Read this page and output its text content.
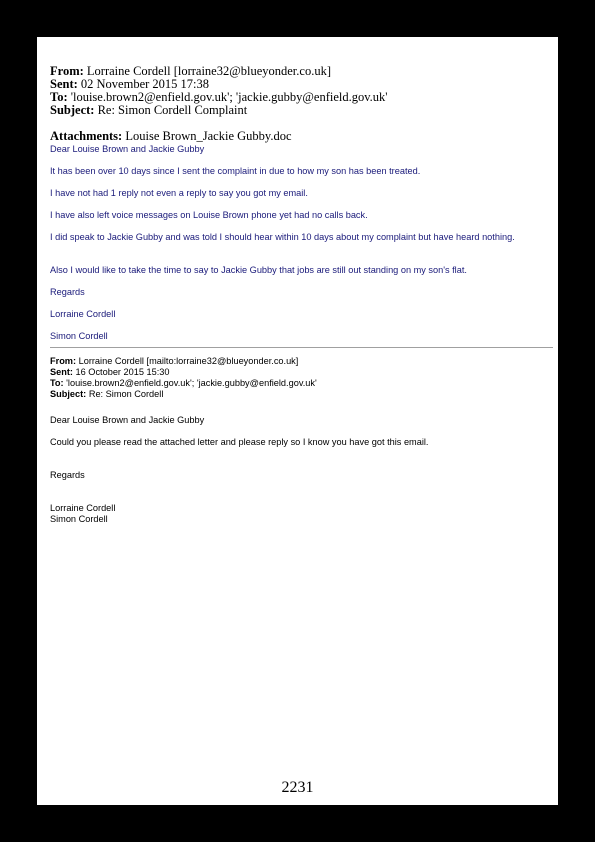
From: Lorraine Cordell [lorraine32@blueyonder.co.uk]
Sent: 02 November 2015 17:38
To: 'louise.brown2@enfield.gov.uk'; 'jackie.gubby@enfield.gov.uk'
Subject: Re: Simon Cordell Complaint
Attachments: Louise Brown_Jackie Gubby.doc
Dear Louise Brown and Jackie Gubby
It has been over 10 days since I sent the complaint in due to how my son has been treated.
I have not had 1 reply not even a reply to say you got my email.
I have also left voice messages on Louise Brown phone yet had no calls back.
I did speak to Jackie Gubby and was told I should hear within 10 days about my complaint but have heard nothing.
Also I would like to take the time to say to Jackie Gubby that jobs are still out standing on my son's flat.
Regards
Lorraine Cordell
Simon Cordell
From: Lorraine Cordell [mailto:lorraine32@blueyonder.co.uk]
Sent: 16 October 2015 15:30
To: 'louise.brown2@enfield.gov.uk'; 'jackie.gubby@enfield.gov.uk'
Subject: Re: Simon Cordell
Dear Louise Brown and Jackie Gubby
Could you please read the attached letter and please reply so I know you have got this email.
Regards
Lorraine Cordell
Simon Cordell
2231
